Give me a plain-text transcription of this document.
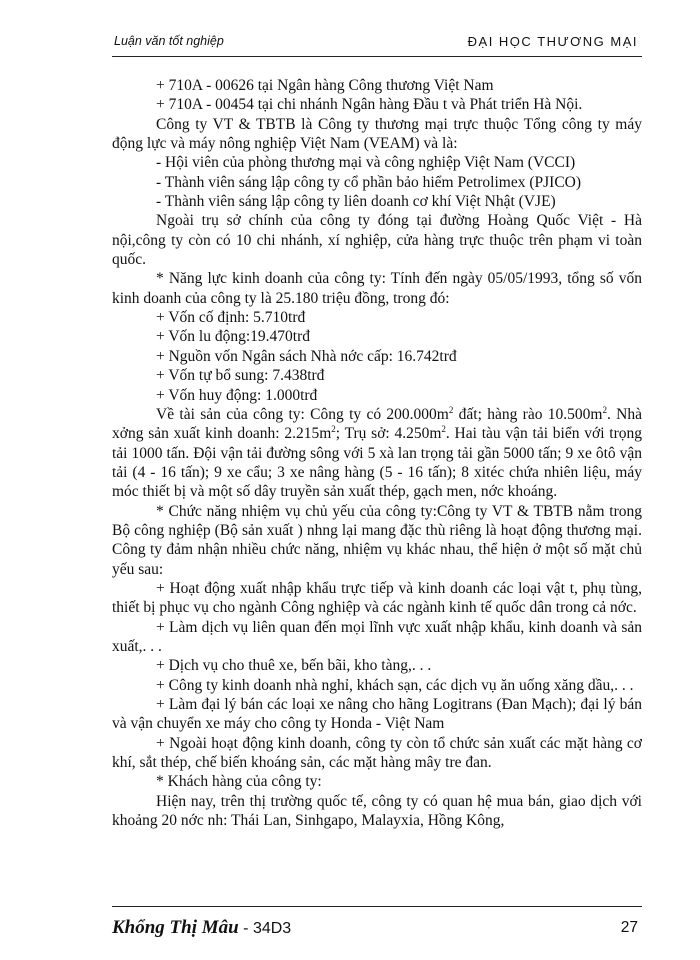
Luận văn tốt nghiệp	ĐẠI HỌC THƯƠNG MẠI

+ 710A - 00626 tại Ngân hàng Công thương Việt Nam

+ 710A - 00454 tại chi nhánh Ngân hàng Đầu t và Phát triển Hà Nội.

Công ty VT & TBTB là Công ty thương mại trực thuộc Tổng công ty máy động lực và máy nông nghiệp Việt Nam (VEAM) và là:

- Hội viên của phòng thương mại và công nghiệp Việt Nam (VCCI)

- Thành viên sáng lập công ty cổ phần bảo hiểm Petrolimex (PJICO)

- Thành viên sáng lập công ty liên doanh cơ khí Việt Nhật (VJE)

Ngoài trụ sở chính của công ty đóng tại đường Hoàng Quốc Việt - Hà nội,công ty còn có 10 chi nhánh, xí nghiệp, cửa hàng trực thuộc trên phạm vi toàn quốc.

* Năng lực kinh doanh của công ty: Tính đến ngày 05/05/1993, tổng số vốn kinh doanh của công ty là 25.180 triệu đồng, trong đó:

+ Vốn cố định: 5.710trđ

+ Vốn lu động:19.470trđ

+ Nguồn vốn Ngân sách Nhà nớc cấp: 16.742trđ

+ Vốn tự bổ sung: 7.438trđ

+ Vốn huy động: 1.000trđ

Về tài sản của công ty: Công ty có $200.000m^2$ đất; hàng rào $10.500m^2$. Nhà xởng sản xuất kinh doanh: $2.215m^2$; Trụ sở: $4.250m^2$. Hai tàu vận tải biển với trọng tải 1000 tấn. Đội vận tải đường sông với 5 xà lan trọng tải gần 5000 tấn; 9 xe ôtô vận tải (4 - 16 tấn); 9 xe cẩu; 3 xe nâng hàng (5 - 16 tấn); 8 xitéc chứa nhiên liệu, máy móc thiết bị và một số dây truyền sản xuất thép, gạch men, nớc khoáng.

* Chức năng nhiệm vụ chủ yếu của công ty:Công ty VT & TBTB nằm trong Bộ công nghiệp (Bộ sản xuất ) nhng lại mang đặc thù riêng là hoạt động thương mại. Công ty đảm nhận nhiều chức năng, nhiệm vụ khác nhau, thể hiện ở một số mặt chủ yếu sau:

+ Hoạt động xuất nhập khẩu trực tiếp và kinh doanh các loại vật t, phụ tùng, thiết bị phục vụ cho ngành Công nghiệp và các ngành kinh tế quốc dân trong cả nớc.

+ Làm dịch vụ liên quan đến mọi lĩnh vực xuất nhập khẩu, kinh doanh và sản xuất,. . .

+ Dịch vụ cho thuê xe, bến bãi, kho tàng,. . .

+ Công ty kinh doanh nhà nghỉ, khách sạn, các dịch vụ ăn uống xăng dầu,. . .

+ Làm đại lý bán các loại xe nâng cho hãng Logitrans (Đan Mạch); đại lý bán và vận chuyển xe máy cho công ty Honda - Việt Nam

+ Ngoài hoạt động kinh doanh, công ty còn tổ chức sản xuất các mặt hàng cơ khí, sắt thép, chế biến khoáng sản, các mặt hàng mây tre đan.

* Khách hàng của công ty:

Hiện nay, trên thị trường quốc tế, công ty có quan hệ mua bán, giao dịch với khoảng 20 nớc nh: Thái Lan, Sinhgapo, Malayxia, Hồng Kông,

Khổng Thị Mâu - 34D3	27
